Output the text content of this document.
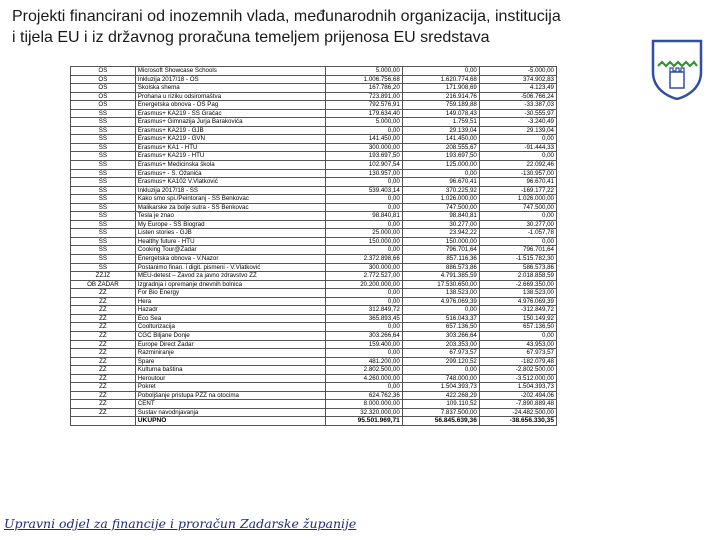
Projekti financirani od inozemnih vlada, međunarodnih organizacija, institucija
i tijela EU i iz državnog proračuna temeljem prijenosa EU sredstava
OŠ	Microsoft Showcase Schools	5.000,00	0,00	-5.000,00
OŠ	Inkluzija 2017/18 - OŠ	1.006.756,68	1.620.774,68	374.902,83
OŠ	Školska shema	167.786,20	171.908,69	4.123,49
OŠ	Prohana u riziku odsiromaštva	723.891,00	216.914,76	-506.766,24
OŠ	Energetska obnova - OŠ Pag	792.576,91	759.189,88	-33.387,03
SŠ	Erasmus+ KA219 - SŠ Gračac	179.634,40	149.078,43	-30.555,97
SŠ	Erasmus+ Gimnazija Jurja Barakovića	5.000,00	1.759,51	-3.240,49
SŠ	Erasmus+ KA219 - GJB	0,00	29.139,04	29.139,04
SŠ	Erasmus+ KA219 - GVN	141.450,00	141.450,00	0,00
SŠ	Erasmus+ KA1 - HTU	300.000,00	208.555,67	-91.444,33
SŠ	Erasmus+ KA219 - HTU	193.697,50	193.697,50	0,00
SŠ	Erasmus+ Medicinska škola	102.907,54	125.000,00	22.092,46
SŠ	Erasmus+ - S. Ožanića	130.957,00	0,00	-130.957,00
SŠ	Erasmus+ KA102 V.Vlatković	0,00	96.670,41	96.670,41
SŠ	Inkluzija 2017/18 - SŠ	539.403,14	370.225,92	-169.177,22
SŠ	Kako smo spi./Peintoranj - SŠ Benkovac	0,00	1.026.000,00	1.026.000,00
SŠ	Malikarske za bolje sutra - SŠ Benkovac	0,00	747.500,00	747.500,00
SŠ	Tesla je znao	98.840,81	98.840,81	0,00
SŠ	My Europe - SŠ Biograd	0,00	30.277,00	30.277,00
SŠ	Listen stories - GJB	25.000,00	23.942,22	-1.057,78
SŠ	Healthy future - HTU	150.000,00	150.000,00	0,00
SŠ	Cooking Tour@Zadar	0,00	796.701,64	796.701,64
SŠ	Energetska obnova - V.Nazor	2.372.898,66	857.116,36	-1.515.782,30
SŠ	Postanimo finan. i digit. pismeni - V.Vlatković	300.000,00	886.573,86	586.573,86
ZZJZ	MEU-detest – Zavod za javno zdravstvo ZŽ	2.772.527,00	4.791.385,59	2.018.858,59
OB ZADAR	Izgradnja i opremanje dnevnih bolnica	20.200.000,00	17.530.650,00	-2.669.350,00
ZŽ	For Bio Energy	0,00	138.523,00	138.523,00
ZŽ	Hera	0,00	4.976.069,39	4.976.069,39
ZŽ	Hazadr	312.849,72	0,00	-312.849,72
ZŽ	Eco Sea	365.893,45	516.043,37	150.149,92
ZŽ	Coolturizacija	0,00	657.136,50	657.136,50
ZŽ	CGC Biljane Donje	303.266,64	303.266,64	0,00
ZŽ	Europe Direct Zadar	159.400,00	203.353,00	43.953,00
ZŽ	Razminiranje	0,00	67.973,57	67.973,57
ZŽ	Spare	481.200,00	299.120,52	-182.079,48
ZŽ	Kulturna baština	2.802.500,00	0,00	-2.802.500,00
ZŽ	Heroutour	4.260.000,00	748.000,00	-3.512.000,00
ZŽ	Pokret	0,00	1.504.393,73	1.504.393,73
ZŽ	Poboljšanje pristupa PZZ na otocima	624.762,36	422.268,29	-202.494,06
ZŽ	CENT	8.000.000,00	109.110,52	-7.890.889,48
ZŽ	Sustav navodnjavanja	32.320.000,00	7.837.500,00	-24.482.500,00
	UKUPNO	95.501.969,71	56.845.639,36	-38.656.330,35
Upravni odjel za financije i proračun Zadarske županije
